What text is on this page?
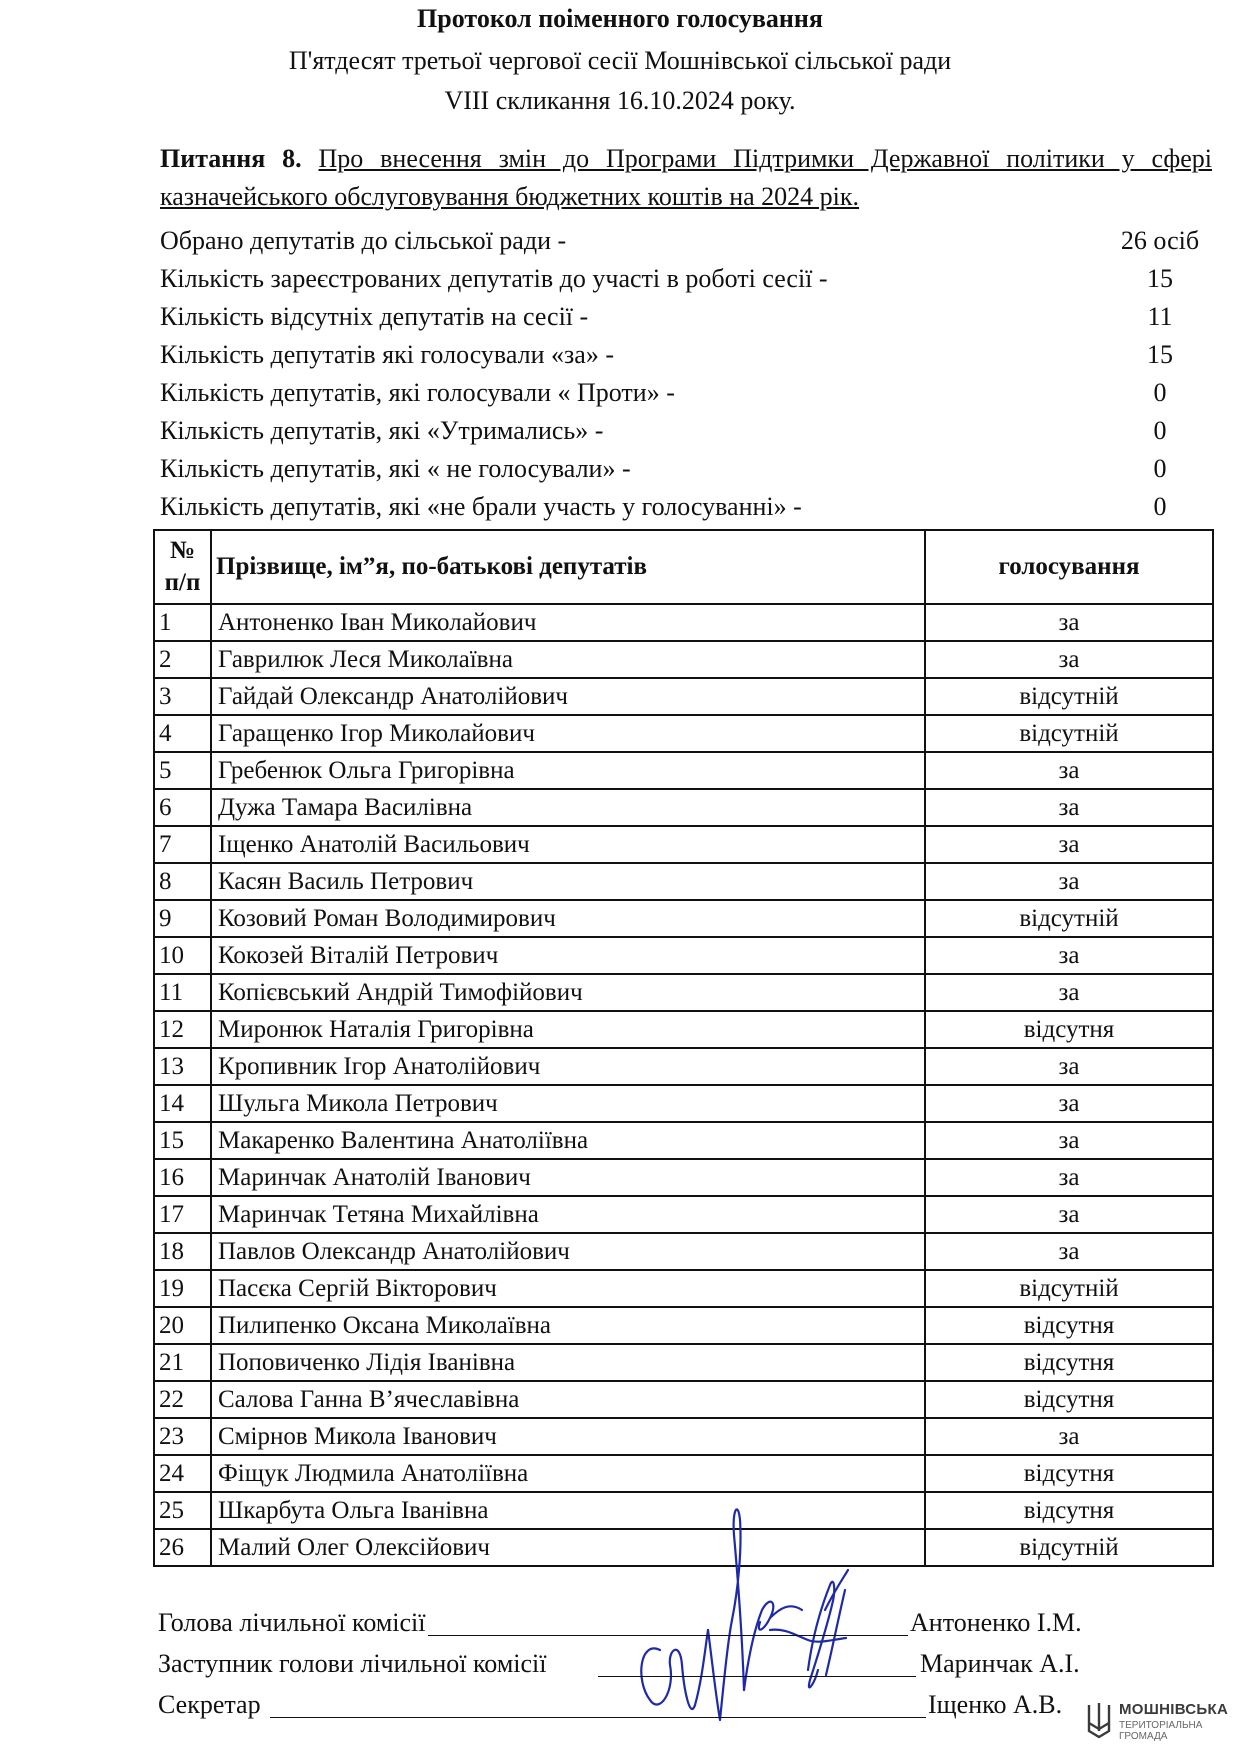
Протокол поіменного голосування
П'ятдесят третьої чергової сесії Мошнівської сільської ради
VIII скликання 16.10.2024 року.
Питання 8. Про внесення змін до Програми Підтримки Державної політики у сфері казначейського обслуговування бюджетних коштів на 2024 рік.
Обрано депутатів до сільської ради -	26 осіб
Кількість зареєстрованих депутатів до участі в роботі сесії -	15
Кількість відсутніх депутатів на сесії -	11
Кількість депутатів які голосували «за» -	15
Кількість депутатів, які голосували « Проти» -	0
Кількість депутатів, які «Утримались» -	0
Кількість депутатів, які « не голосували» -	0
Кількість депутатів, які «не брали участь у голосуванні» -	0
№
п/п	Прізвище, ім”я, по-батькові депутатів	голосування
1	Антоненко Іван Миколайович	за
2	Гаврилюк Леся Миколаївна	за
3	Гайдай Олександр Анатолійович	відсутній
4	Гаращенко Ігор Миколайович	відсутній
5	Гребенюк Ольга Григорівна	за
6	Дужа Тамара Василівна	за
7	Іщенко Анатолій Васильович	за
8	Касян Василь Петрович	за
9	Козовий Роман Володимирович	відсутній
10	Кокозей Віталій Петрович	за
11	Копієвський Андрій Тимофійович	за
12	Миронюк Наталія Григорівна	відсутня
13	Кропивник Ігор Анатолійович	за
14	Шульга Микола Петрович	за
15	Макаренко Валентина Анатоліївна	за
16	Маринчак Анатолій Іванович	за
17	Маринчак Тетяна Михайлівна	за
18	Павлов Олександр Анатолійович	за
19	Пасєка Сергій Вікторович	відсутній
20	Пилипенко Оксана Миколаївна	відсутня
21	Поповиченко Лідія Іванівна	відсутня
22	Салова Ганна В’ячеславівна	відсутня
23	Смірнов Микола Іванович	за
24	Фіщук Людмила Анатоліївна	відсутня
25	Шкарбута Ольга Іванівна	відсутня
26	Малий Олег Олексійович	відсутній
Голова лічильної комісії	Антоненко І.М.
Заступник голови лічильної комісії	Маринчак А.І.
Секретар	Іщенко А.В.	МОШНІВСЬКА
ТЕРИТОРІАЛЬНА
ГРОМАДА
